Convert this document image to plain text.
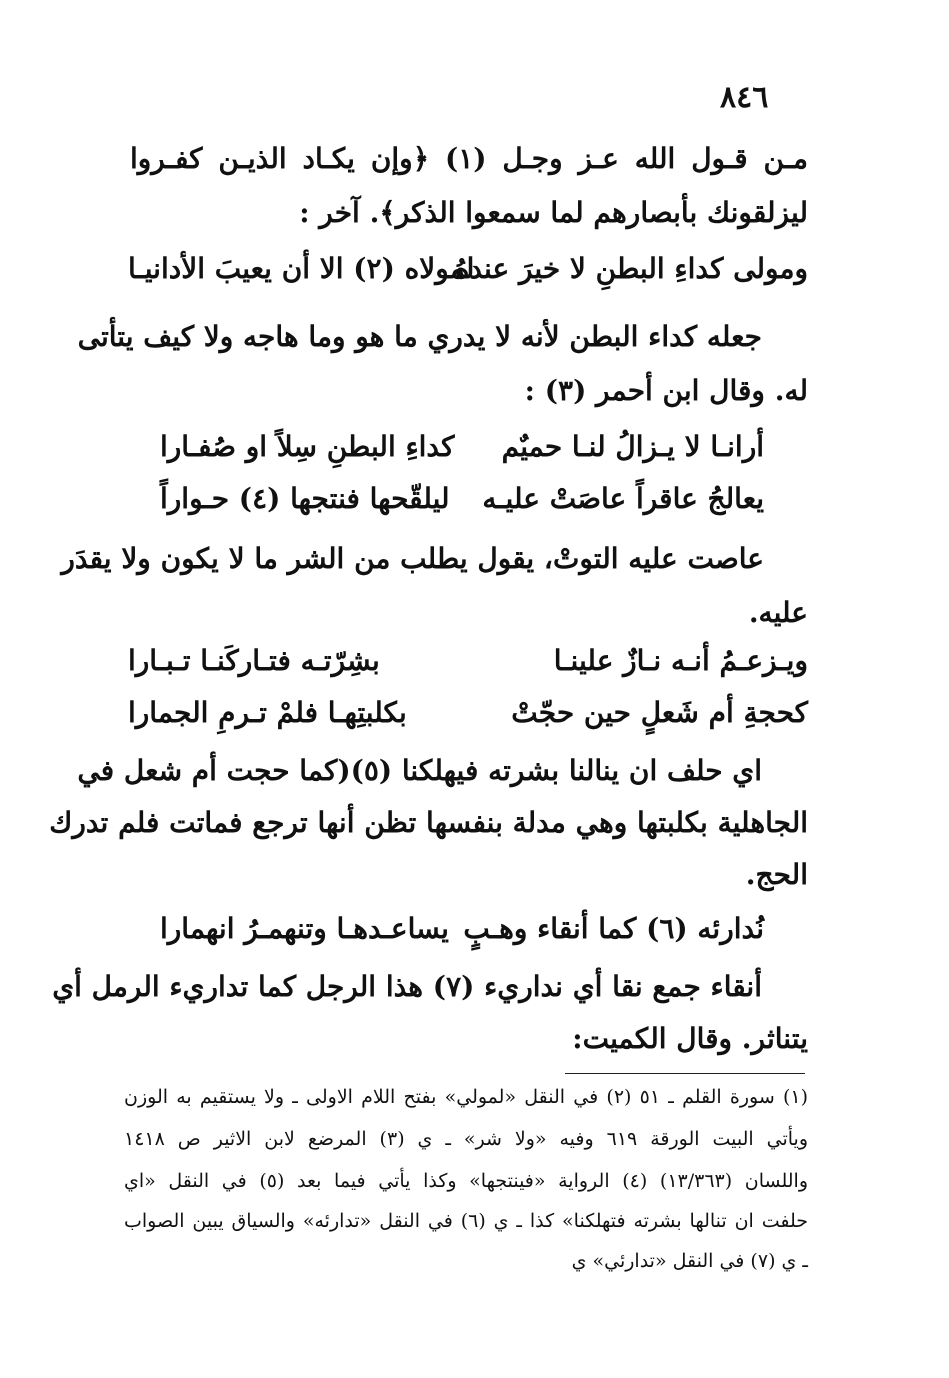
٨٤٦
مـن قـول الله عـز وجـل (١) ﴿وإن يكـاد الذيـن كفـروا
ليزلقونك بأبصارهم لما سمعوا الذكر﴾. آخر :
ومولى كداءِ البطنِ لا خيرَ عندهُ
لمولاه (٢) الا أن يعيبَ الأدانيـا
جعله كداء البطن لأنه لا يدري ما هو وما هاجه ولا كيف يتأتى
له. وقال ابن أحمر (٣) :
أرانـا لا يـزالُ لنـا حميٌم
كداءِ البطنِ سِلاً او صُفـارا
يعالجُ عاقراً عاصَتْ عليـه
ليلقّحها فنتجها (٤) حـواراً
عاصت عليه التوتْ، يقول يطلب من الشر ما لا يكون ولا يقدَر
عليه.
ويـزعـمُ أنـه نـازٌ علينـا
بشِرّتـه فتـاركَنـا تـبـارا
كحجةِ أم شَعلٍ حين حجّتْ
بكلبتِهـا فلمْ تـرمِ الجمارا
اي حلف ان ينالنا بشرته فيهلكنا (٥)(كما حجت أم شعل في
الجاهلية بكلبتها وهي مدلة بنفسها تظن أنها ترجع فماتت فلم تدرك
الحج.
نُدارئه (٦) كما أنقاء وهـبٍ
يساعـدهـا وتنهمـرُ انهمارا
أنقاء جمع نقا أي نداريء (٧) هذا الرجل كما تداريء الرمل أي
يتناثر. وقال الكميت:
(١) سورة القلم ـ ٥١ (٢) في النقل «لمولي» بفتح اللام الاولى ـ ولا يستقيم به الوزن
ويأتي البيت الورقة ٦١٩ وفيه «ولا شر» ـ ي (٣) المرضع لابن الاثير ص ١٤١٨
واللسان (١٣/٣٦٣) (٤) الرواية «فينتجها» وكذا يأتي فيما بعد (٥) في النقل «اي
حلفت ان تنالها بشرته فتهلكنا» كذا ـ ي (٦) في النقل «تدارئه» والسياق يبين الصواب
ـ ي (٧) في النقل «تدارئي» ي
